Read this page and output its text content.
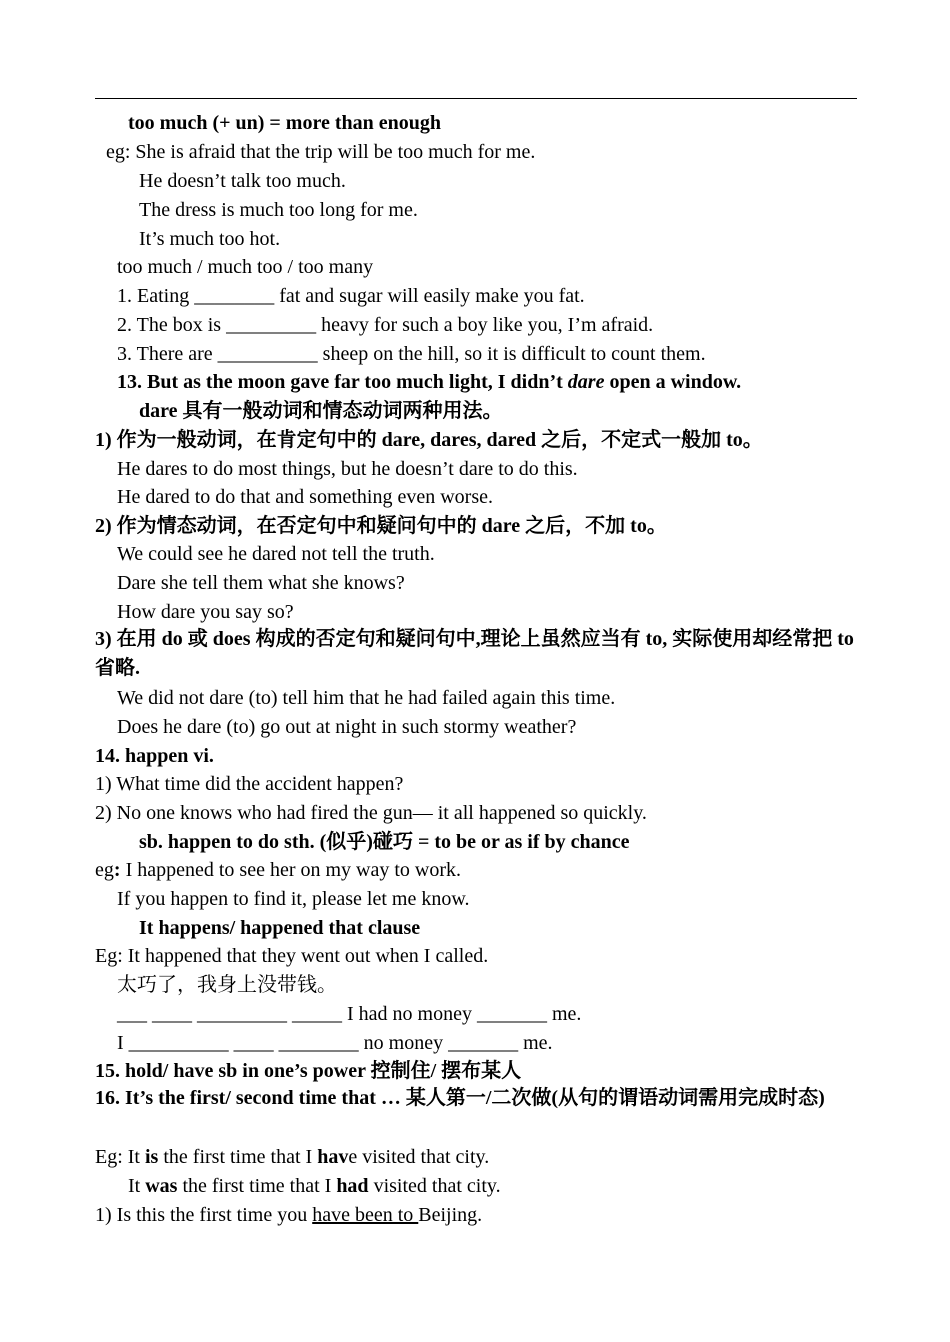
too much (+ un) = more than enough
eg: She is afraid that the trip will be too much for me.
He doesn’t talk too much.
The dress is much too long for me.
It’s much too hot.
too much / much too / too many
1. Eating ________ fat and sugar will easily make you fat.
2. The box is _________ heavy for such a boy like you, I’m afraid.
3. There are __________ sheep on the hill, so it is difficult to count them.
13. But as the moon gave far too much light, I didn’t dare open a window.
dare 具有一般动词和情态动词两种用法。
1) 作为一般动词，在肯定句中的 dare, dares, dared 之后，不定式一般加 to。
He dares to do most things, but he doesn’t dare to do this.
He dared to do that and something even worse.
2) 作为情态动词，在否定句中和疑问句中的 dare 之后，不加 to。
We could see he dared not tell the truth.
Dare she tell them what she knows?
How dare you say so?
3) 在用 do 或 does 构成的否定句和疑问句中,理论上虽然应当有 to, 实际使用却经常把 to 省略.
We did not dare (to) tell him that he had failed again this time.
Does he dare (to) go out at night in such stormy weather?
14. happen vi.
1) What time did the accident happen?
2) No one knows who had fired the gun— it all happened so quickly.
sb. happen to do sth. (似乎)碰巧 = to be or as if by chance
eg: I happened to see her on my way to work.
If you happen to find it, please let me know.
It happens/ happened that clause
Eg: It happened that they went out when I called.
太巧了，我身上没带钱。
___ ____ _________ _____ I had no money _______ me.
I __________ ____ ________ no money _______ me.
15. hold/ have sb in one’s power 控制住/ 摆布某人
16. It’s the first/ second time that … 某人第一/二次做(从句的谓语动词需用完成时态)
Eg: It is the first time that I have visited that city.
It was the first time that I had visited that city.
1) Is this the first time you have been to Beijing.
